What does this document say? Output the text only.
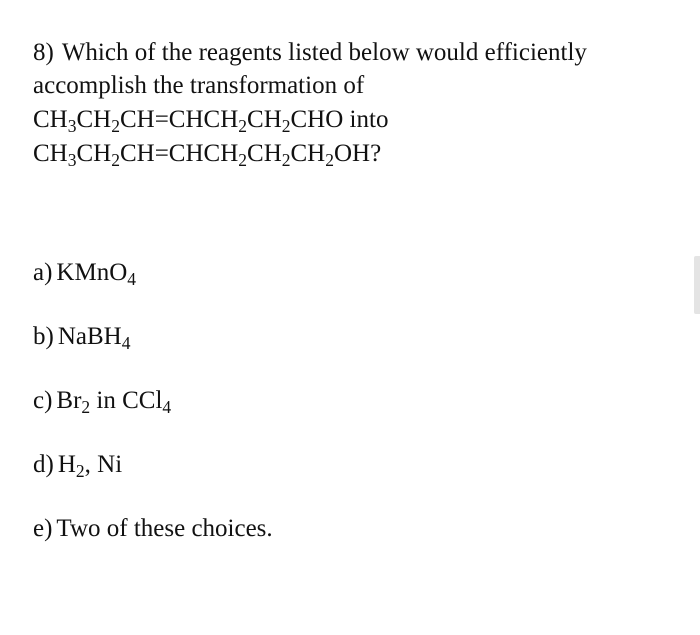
8) Which of the reagents listed below would efficiently
accomplish the transformation of
$CH_3CH_2CH=CHCH_2CH_2CHO$ into
$CH_3CH_2CH=CHCH_2CH_2CH_2OH$?
a) KMnO$_4$
b) NaBH$_4$
c) $Br_2$ in CCl$_4$
d) $H_2$, Ni
e) Two of these choices.
